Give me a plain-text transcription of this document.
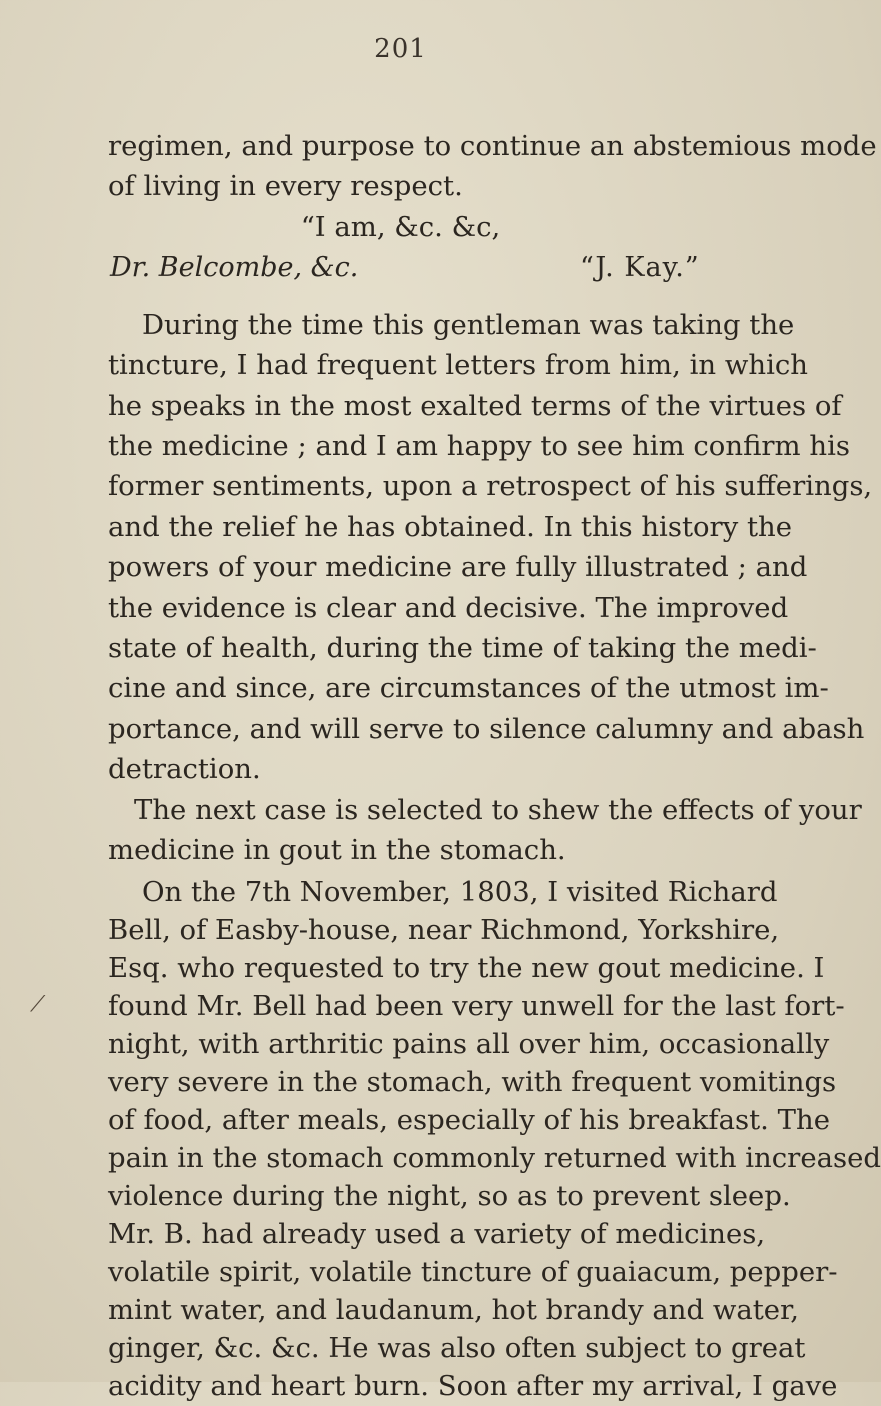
201
regimen, and purpose to continue an abstemious mode
of living in every respect.
“I am, &c. &c,
Dr. Belcombe, &c.	“J. Kay.”
During the time this gentleman was taking the
tincture, I had frequent letters from him, in which
he speaks in the most exalted terms of the virtues of
the medicine ; and I am happy to see him confirm his
former sentiments, upon a retrospect of his sufferings,
and the relief he has obtained. In this history the
powers of your medicine are fully illustrated ; and
the evidence is clear and decisive. The improved
state of health, during the time of taking the medi-
cine and since, are circumstances of the utmost im-
portance, and will serve to silence calumny and abash
detraction.
The next case is selected to shew the effects of your
medicine in gout in the stomach.
On the 7th November, 1803, I visited Richard
Bell, of Easby-house, near Richmond, Yorkshire,
Esq. who requested to try the new gout medicine. I
found Mr. Bell had been very unwell for the last fort-
night, with arthritic pains all over him, occasionally
very severe in the stomach, with frequent vomitings
of food, after meals, especially of his breakfast. The
pain in the stomach commonly returned with increased
violence during the night, so as to prevent sleep.
Mr. B. had already used a variety of medicines,
volatile spirit, volatile tincture of guaiacum, pepper-
mint water, and laudanum, hot brandy and water,
ginger, &c. &c. He was also often subject to great
acidity and heart burn. Soon after my arrival, I gave
⟋
